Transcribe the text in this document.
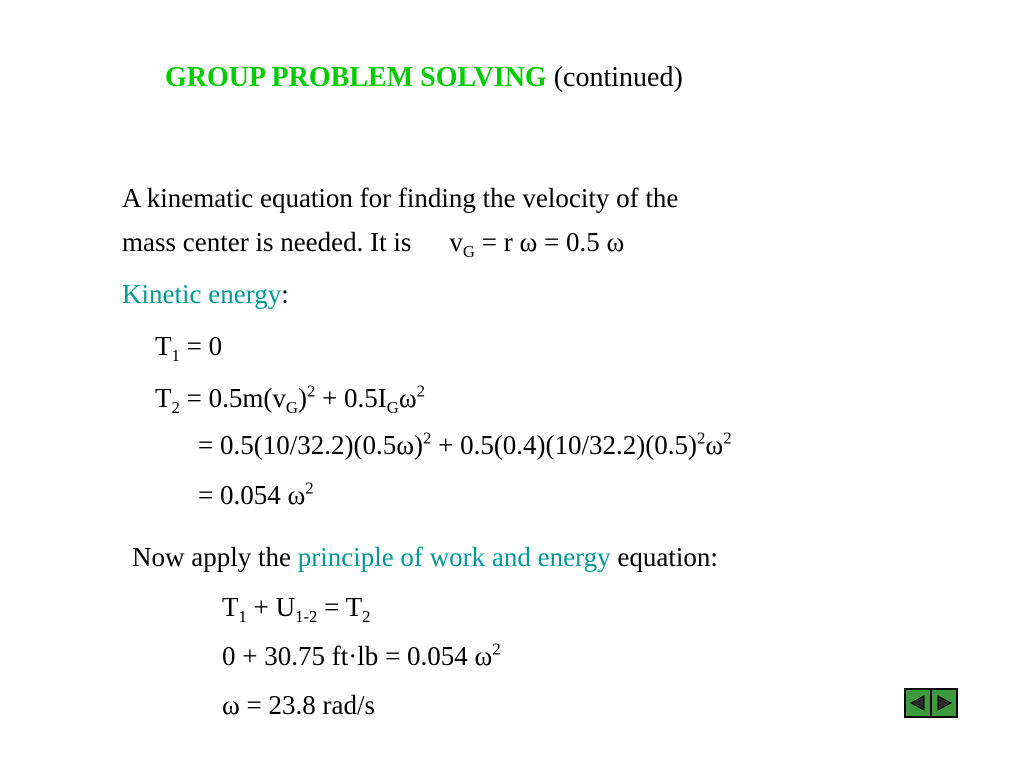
GROUP PROBLEM SOLVING (continued)
A kinematic equation for finding the velocity of the
mass center is needed. It is $v_G = r$ ω = 0.5 ω
Kinetic energy:
$T_1 = 0$
$T_2 = 0.5m(v_G)^2 + 0.5I_G\omega^2$
= $0.5(10/32.2)(0.5\omega)^2 + 0.5(0.4)(10/32.2)(0.5)^2\omega^2$
= 0.054 $\omega^2$
Now apply the principle of work and energy equation:
$T_1 + U_{1-2} = T_2$
0 + 30.75 ft·lb = 0.054 $\omega^2$
ω = 23.8 rad/s
